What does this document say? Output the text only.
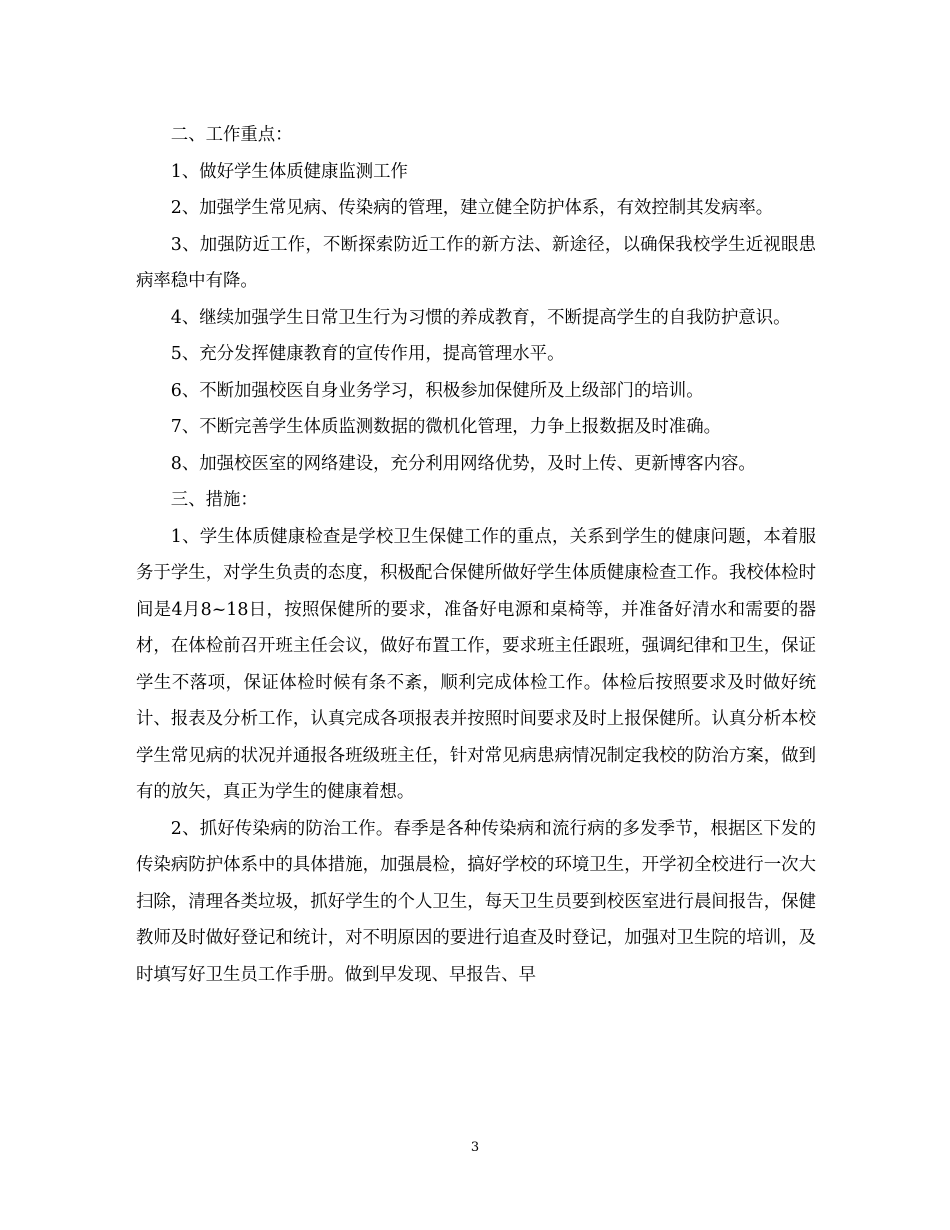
二、工作重点：

1、做好学生体质健康监测工作

2、加强学生常见病、传染病的管理，建立健全防护体系，有效控制其发病率。

3、加强防近工作，不断探索防近工作的新方法、新途径，以确保我校学生近视眼患病率稳中有降。

4、继续加强学生日常卫生行为习惯的养成教育，不断提高学生的自我防护意识。

5、充分发挥健康教育的宣传作用，提高管理水平。

6、不断加强校医自身业务学习，积极参加保健所及上级部门的培训。

7、不断完善学生体质监测数据的微机化管理，力争上报数据及时准确。

8、加强校医室的网络建设，充分利用网络优势，及时上传、更新博客内容。

三、措施：

1、学生体质健康检查是学校卫生保健工作的重点，关系到学生的健康问题，本着服务于学生，对学生负责的态度，积极配合保健所做好学生体质健康检查工作。我校体检时间是4月8~18日，按照保健所的要求，准备好电源和桌椅等，并准备好清水和需要的器材，在体检前召开班主任会议，做好布置工作，要求班主任跟班，强调纪律和卫生，保证学生不落项，保证体检时候有条不紊，顺利完成体检工作。体检后按照要求及时做好统计、报表及分析工作，认真完成各项报表并按照时间要求及时上报保健所。认真分析本校学生常见病的状况并通报各班级班主任，针对常见病患病情况制定我校的防治方案，做到有的放矢，真正为学生的健康着想。

2、抓好传染病的防治工作。春季是各种传染病和流行病的多发季节，根据区下发的传染病防护体系中的具体措施，加强晨检，搞好学校的环境卫生，开学初全校进行一次大扫除，清理各类垃圾，抓好学生的个人卫生，每天卫生员要到校医室进行晨间报告，保健教师及时做好登记和统计，对不明原因的要进行追查及时登记，加强对卫生院的培训，及时填写好卫生员工作手册。做到早发现、早报告、早

3
